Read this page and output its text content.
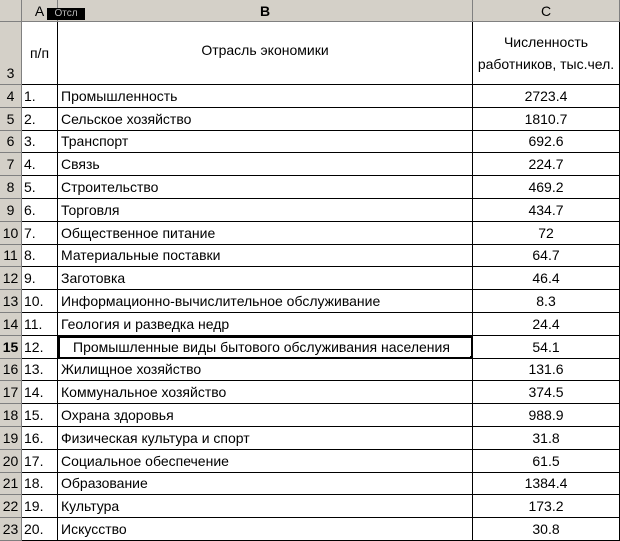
A	B	C
3
п/п	Отрасль экономики	Численность
работников, тыс.чел.
4 1.	Промышленность	2723.4
5 2.	Сельское хозяйство	1810.7
6 3.	Транспорт	692.6
7 4.	Связь	224.7
8 5.	Строительство	469.2
9 6.	Торговля	434.7
10 7.	Общественное питание	72
11 8.	Материальные поставки	64.7
12 9.	Заготовка	46.4
13 10.	Информационно-вычислительное обслуживание	8.3
14 11.	Геология и разведка недр	24.4
15 12.	Промышленные виды бытового обслуживания населения	54.1
16 13.	Жилищное хозяйство	131.6
17 14.	Коммунальное хозяйство	374.5
18 15.	Охрана здоровья	988.9
19 16.	Физическая культура и спорт	31.8
20 17.	Социальное обеспечение	61.5
21 18.	Образование	1384.4
22 19.	Культура	173.2
23 20.	Искусство	30.8
Отсл
